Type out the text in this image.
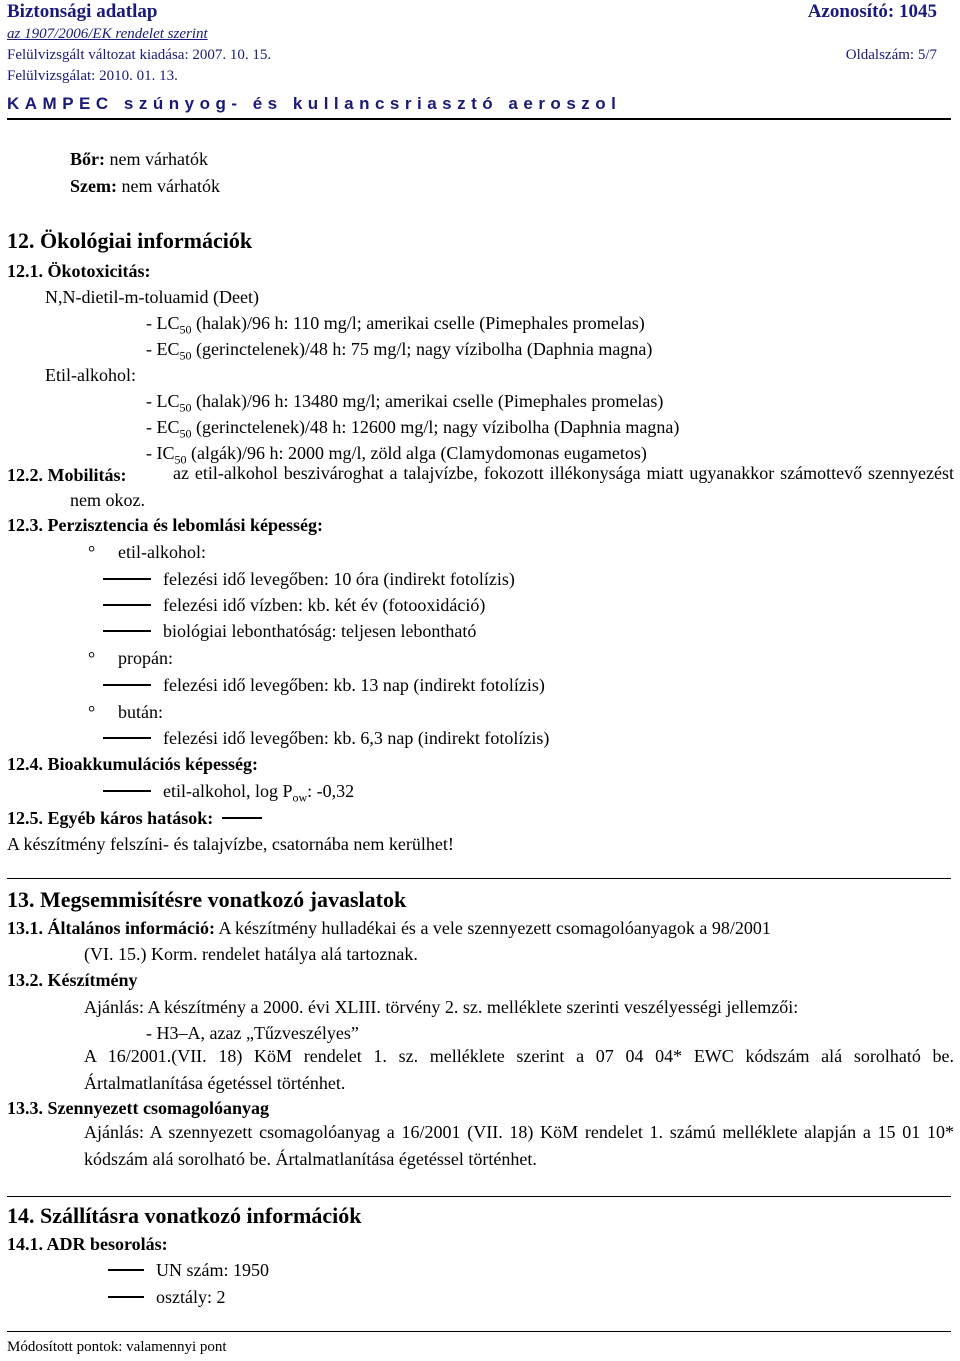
Biztonsági adatlap	Azonosító: 1045
az 1907/2006/EK rendelet szerint
Felülvizsgált változat kiadása: 2007. 10. 15.	Oldalszám: 5/7
Felülvizsgálat: 2010. 01. 13.
KAMPEC szúnyog- és kullancsriasztó aeroszol
Bőr: nem várhatók
Szem: nem várhatók
12. Ökológiai információk
12.1. Ökotoxicitás:
N,N-dietil-m-toluamid (Deet)
- $LC_{50}$ (halak)/96 h: 110 mg/l; amerikai cselle (Pimephales promelas)
- $EC_{50}$ (gerinctelenek)/48 h: 75 mg/l; nagy vízibolha (Daphnia magna)
Etil-alkohol:
- $LC_{50}$ (halak)/96 h: 13480 mg/l; amerikai cselle (Pimephales promelas)
- $EC_{50}$ (gerinctelenek)/48 h: 12600 mg/l; nagy vízibolha (Daphnia magna)
- $IC_{50}$ (algák)/96 h: 2000 mg/l, zöld alga (Clamydomonas eugametos)
12.2. Mobilitás:	az etil-alkohol beszivároghat a talajvízbe, fokozott illékonysága miatt ugyanakkor számottevő szennyezést nem okoz.
12.3. Perzisztencia és lebomlási képesség:
° etil-alkohol:
felezési idő levegőben: 10 óra (indirekt fotolízis)
felezési idő vízben: kb. két év (fotooxidáció)
biológiai lebonthatóság: teljesen lebontható
° propán:
felezési idő levegőben: kb. 13 nap (indirekt fotolízis)
° bután:
felezési idő levegőben: kb. 6,3 nap (indirekt fotolízis)
12.4. Bioakkumulációs képesség:
etil-alkohol, $\log P_{ow}$: -0,32
12.5. Egyéb káros hatások:
A készítmény felszíni- és talajvízbe, csatornába nem kerülhet!
13. Megsemmisítésre vonatkozó javaslatok
13.1. Általános információ: A készítmény hulladékai és a vele szennyezett csomagolóanyagok a 98/2001
(VI. 15.) Korm. rendelet hatálya alá tartoznak.
13.2. Készítmény
Ajánlás: A készítmény a 2000. évi XLIII. törvény 2. sz. melléklete szerinti veszélyességi jellemzői:
- H3–A, azaz „Tűzveszélyes”
A 16/2001.(VII. 18) KöM rendelet 1. sz. melléklete szerint a 07 04 04* EWC kódszám alá sorolható be. Ártalmatlanítása égetéssel történhet.
13.3. Szennyezett csomagolóanyag
Ajánlás: A szennyezett csomagolóanyag a 16/2001 (VII. 18) KöM rendelet 1. számú melléklete alapján a 15 01 10* kódszám alá sorolható be. Ártalmatlanítása égetéssel történhet.
14. Szállításra vonatkozó információk
14.1. ADR besorolás:
UN szám: 1950
osztály: 2
Módosított pontok: valamennyi pont
